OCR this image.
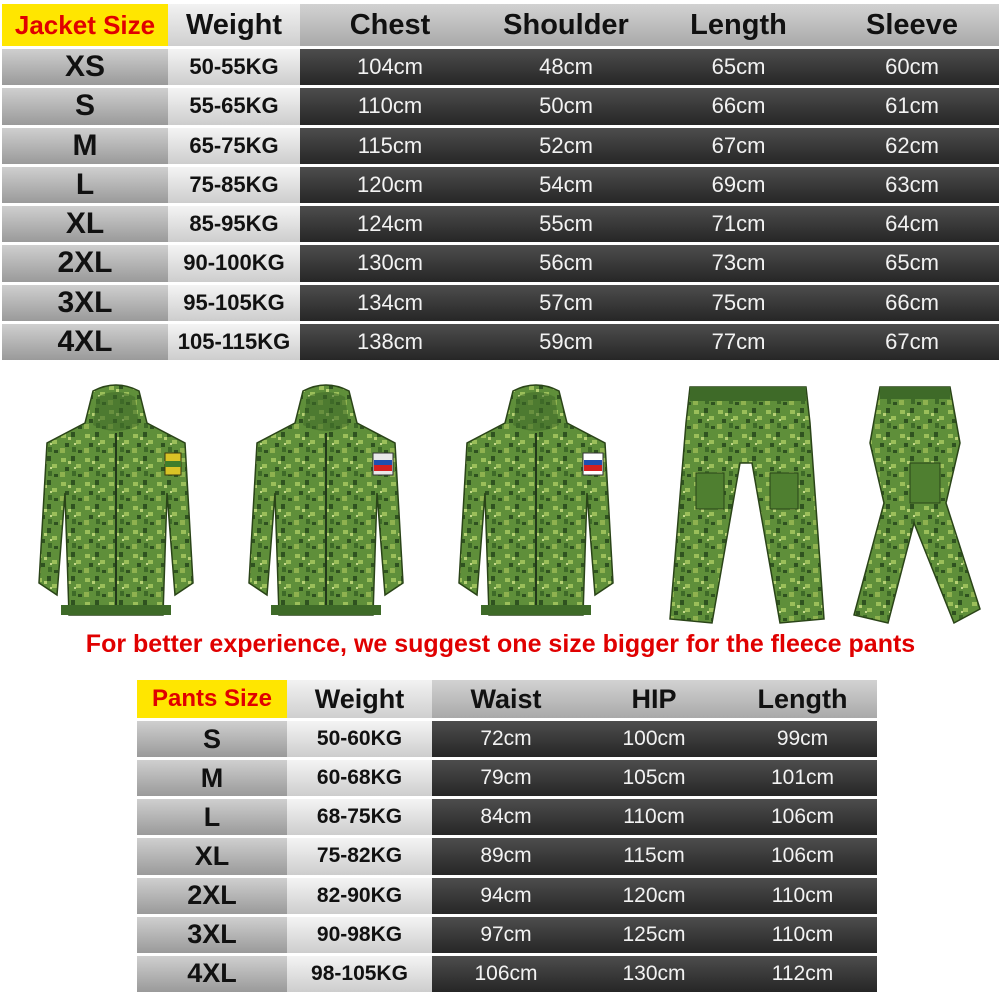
Jacket Size	Weight	Chest	Shoulder	Length	Sleeve
XS	50-55KG	104cm	48cm	65cm	60cm
S	55-65KG	110cm	50cm	66cm	61cm
M	65-75KG	115cm	52cm	67cm	62cm
L	75-85KG	120cm	54cm	69cm	63cm
XL	85-95KG	124cm	55cm	71cm	64cm
2XL	90-100KG	130cm	56cm	73cm	65cm
3XL	95-105KG	134cm	57cm	75cm	66cm
4XL	105-115KG	138cm	59cm	77cm	67cm
For better experience, we suggest one size bigger for the fleece pants
Pants Size	Weight	Waist	HIP	Length
S	50-60KG	72cm	100cm	99cm
M	60-68KG	79cm	105cm	101cm
L	68-75KG	84cm	110cm	106cm
XL	75-82KG	89cm	115cm	106cm
2XL	82-90KG	94cm	120cm	110cm
3XL	90-98KG	97cm	125cm	110cm
4XL	98-105KG	106cm	130cm	112cm
